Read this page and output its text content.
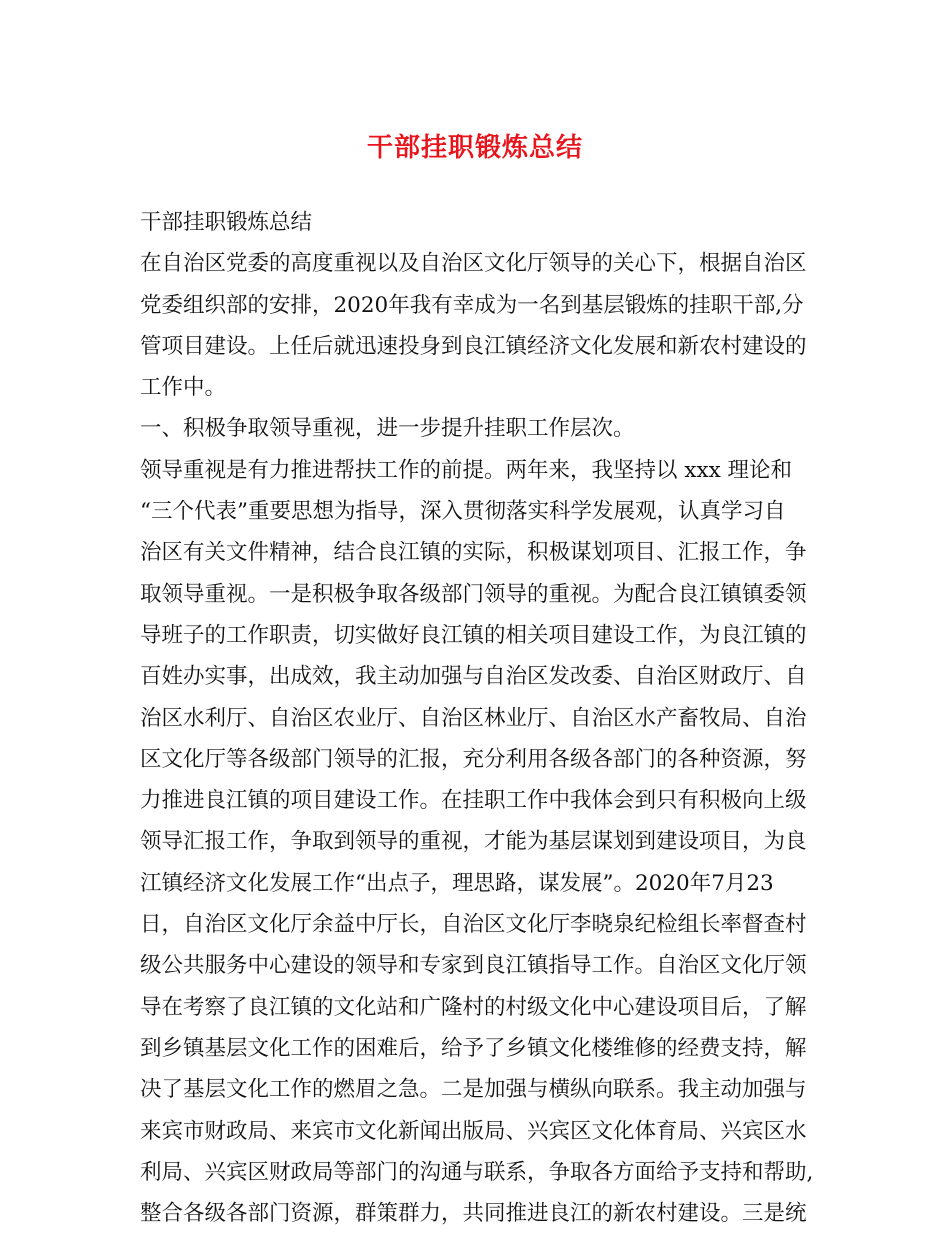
干部挂职锻炼总结
干部挂职锻炼总结
在自治区党委的高度重视以及自治区文化厅领导的关心下，根据自治区
党委组织部的安排，2020年我有幸成为一名到基层锻炼的挂职干部,分
管项目建设。上任后就迅速投身到良江镇经济文化发展和新农村建设的
工作中。
一、积极争取领导重视，进一步提升挂职工作层次。
领导重视是有力推进帮扶工作的前提。两年来，我坚持以 xxx 理论和
“三个代表”重要思想为指导，深入贯彻落实科学发展观，认真学习自
治区有关文件精神，结合良江镇的实际，积极谋划项目、汇报工作，争
取领导重视。一是积极争取各级部门领导的重视。为配合良江镇镇委领
导班子的工作职责，切实做好良江镇的相关项目建设工作，为良江镇的
百姓办实事，出成效，我主动加强与自治区发改委、自治区财政厅、自
治区水利厅、自治区农业厅、自治区林业厅、自治区水产畜牧局、自治
区文化厅等各级部门领导的汇报，充分利用各级各部门的各种资源，努
力推进良江镇的项目建设工作。在挂职工作中我体会到只有积极向上级
领导汇报工作，争取到领导的重视，才能为基层谋划到建设项目，为良
江镇经济文化发展工作“出点子，理思路，谋发展”。2020年7月23
日，自治区文化厅余益中厅长，自治区文化厅李晓泉纪检组长率督查村
级公共服务中心建设的领导和专家到良江镇指导工作。自治区文化厅领
导在考察了良江镇的文化站和广隆村的村级文化中心建设项目后，了解
到乡镇基层文化工作的困难后，给予了乡镇文化楼维修的经费支持，解
决了基层文化工作的燃眉之急。二是加强与横纵向联系。我主动加强与
来宾市财政局、来宾市文化新闻出版局、兴宾区文化体育局、兴宾区水
利局、兴宾区财政局等部门的沟通与联系，争取各方面给予支持和帮助,
整合各级各部门资源，群策群力，共同推进良江的新农村建设。三是统
